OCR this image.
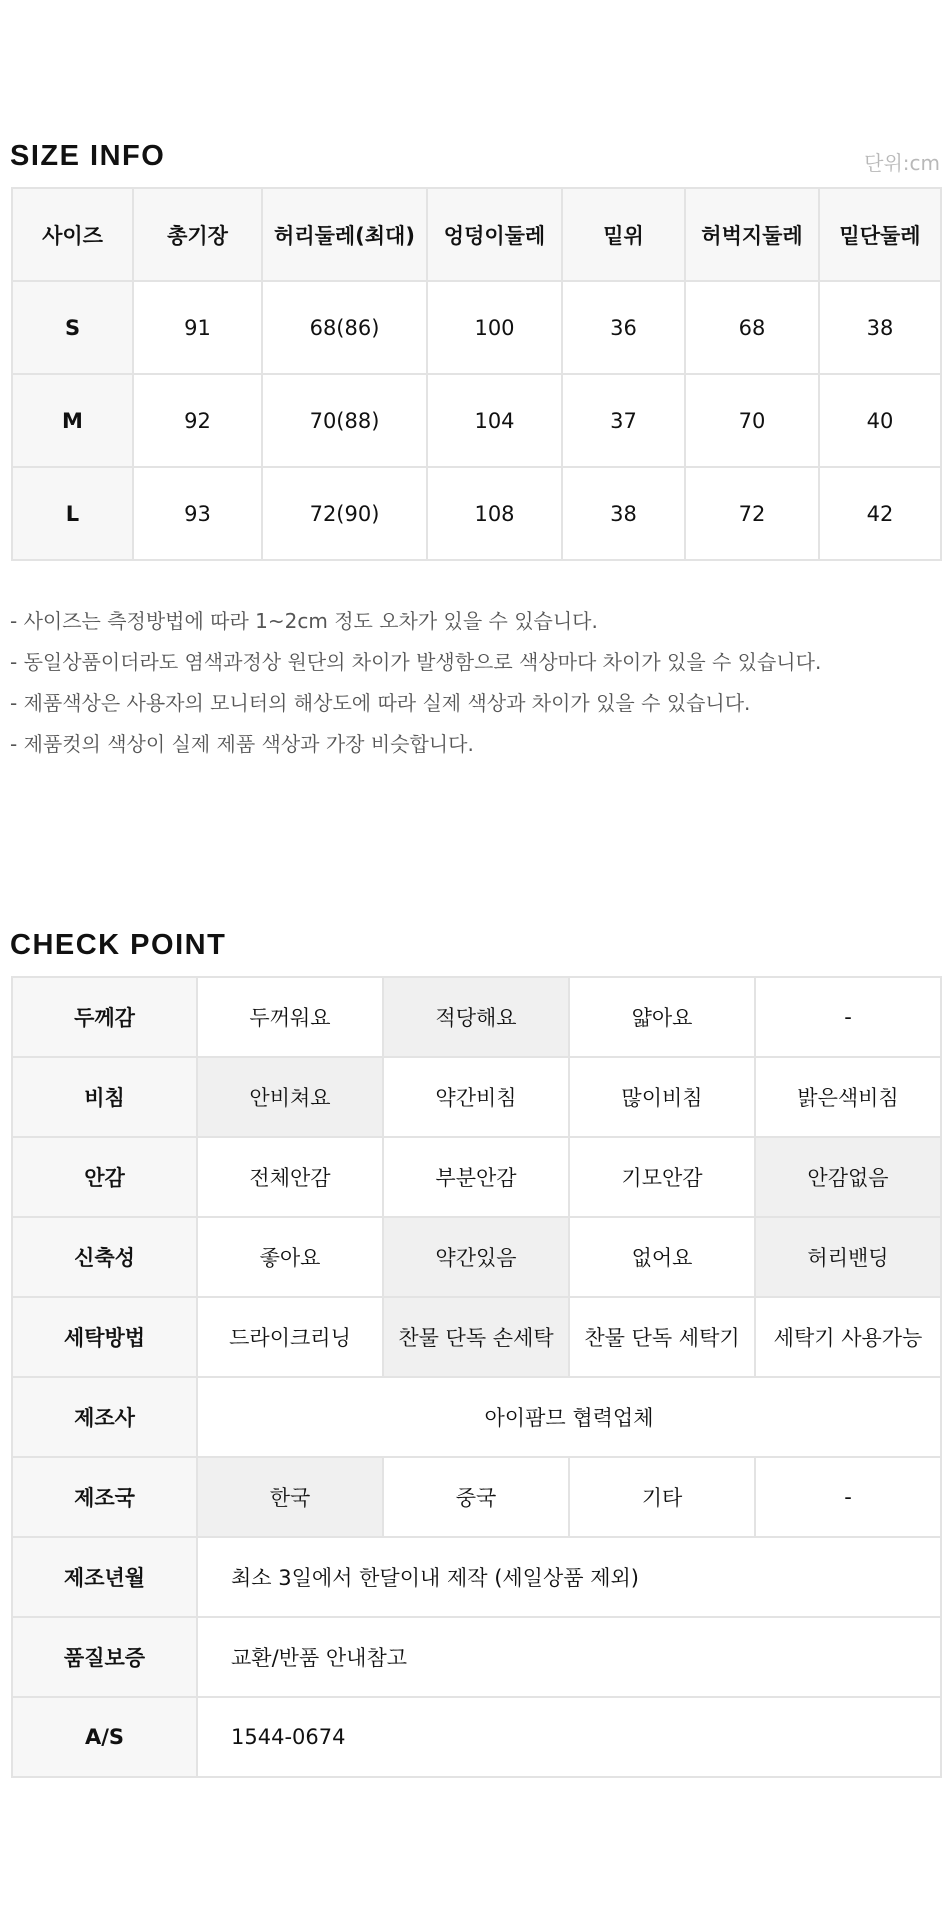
SIZE INFO	단위:cm
사이즈	총기장	허리둘레(최대)	엉덩이둘레	밑위	허벅지둘레	밑단둘레
S	91	68(86)	100	36	68	38
M	92	70(88)	104	37	70	40
L	93	72(90)	108	38	72	42
- 사이즈는 측정방법에 따라 1~2cm 정도 오차가 있을 수 있습니다.
- 동일상품이더라도 염색과정상 원단의 차이가 발생함으로 색상마다 차이가 있을 수 있습니다.
- 제품색상은 사용자의 모니터의 해상도에 따라 실제 색상과 차이가 있을 수 있습니다.
- 제품컷의 색상이 실제 제품 색상과 가장 비슷합니다.
CHECK POINT
두께감	두꺼워요	적당해요	얇아요	-
비침	안비쳐요	약간비침	많이비침	밝은색비침
안감	전체안감	부분안감	기모안감	안감없음
신축성	좋아요	약간있음	없어요	허리밴딩
세탁방법	드라이크리닝	찬물 단독 손세탁	찬물 단독 세탁기	세탁기 사용가능
제조사	아이팜므 협력업체			
제조국	한국	중국	기타	-
제조년월	최소 3일에서 한달이내 제작 (세일상품 제외)			
품질보증	교환/반품 안내참고			
A/S	1544-0674			
